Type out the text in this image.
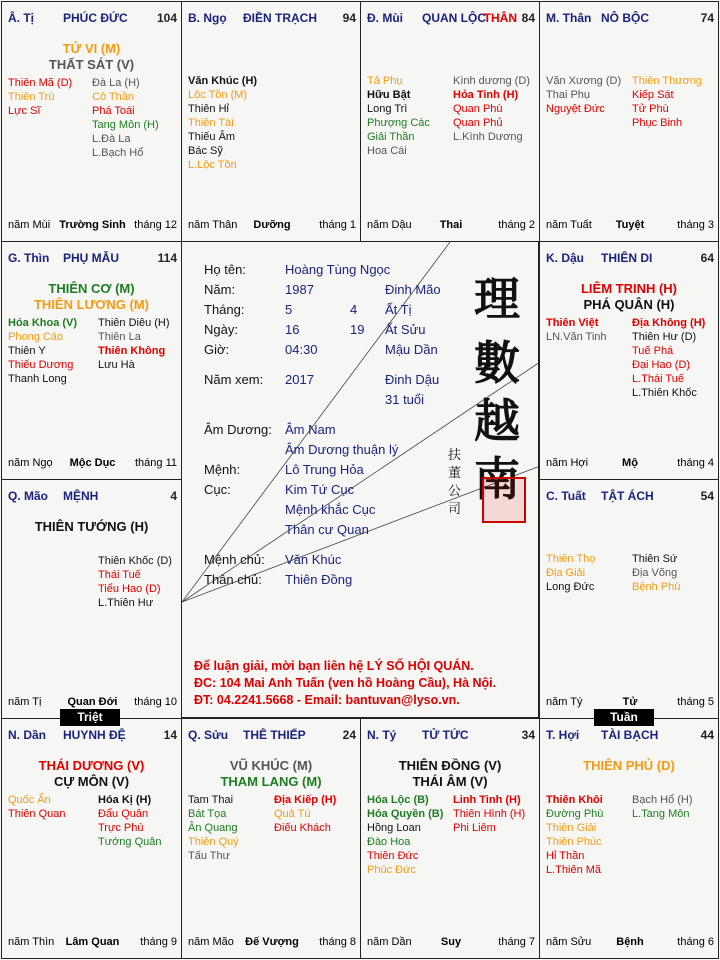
Họ tên:	Hoàng Tùng Ngọc
Năm:	1987	Đinh Mão
Tháng:	5	4 Ất Tị
Ngày:	16	19 Ất Sửu
Giờ:	04:30	Mậu Dần
Năm xem: 2017	Đinh Dậu
31 tuổi
Âm Dương: Âm Nam
Âm Dương thuận lý
Mệnh:	Lô Trung Hỏa
Cục:	Kim Tứ Cục
Mệnh khắc Cục
Thân cư Quan
Mệnh chủ: Văn Khúc
Thân chủ: Thiên Đồng
理
數
越
南
扶
董
公
司
Để luận giải, mời bạn liên hệ LÝ SỐ HỘI QUÁN.
ĐC: 104 Mai Anh Tuấn (ven hồ Hoàng Cầu), Hà Nội.
ĐT: 04.2241.5668 - Email: bantuvan@lyso.vn.
Â. Tị PHÚC ĐỨC 104
TỬ VI (M)
THẤT SÁT (V)
Thiên Mã (D)
Thiên Trù
Lực Sĩ
Đà La (H)
Cô Thần
Phá Toái
Tang Môn (H)
L.Đà La
L.Bạch Hổ
năm Mùi Trường Sinh tháng 12
B. Ngọ ĐIỀN TRẠCH 94
Văn Khúc (H)
Lộc Tồn (M)
Thiên Hỉ
Thiên Tài
Thiếu Âm
Bác Sỹ
L.Lộc Tồn
năm Thân	Dưỡng	tháng 1
Đ. Mùi QUAN LỘC	84
THÂN
Tả Phụ
Hữu Bật
Long Trì
Phượng Các
Giải Thần
Hoa Cái
Kình dương (D)
Hỏa Tinh (H)
Quan Phù
Quan Phủ
L.Kình Dương
năm Dậu	Thai	tháng 2
M. Thân NÔ BỘC	74
Văn Xương (D)
Thai Phụ
Nguyệt Đức
Thiên Thương
Kiếp Sát
Tử Phù
Phục Binh
năm Tuất	Tuyệt	tháng 3
G. Thìn PHỤ MẪU	114
THIÊN CƠ (M)
THIÊN LƯƠNG (M)
Hóa Khoa (V)
Phong Cáo
Thiên Y
Thiếu Dương
Thanh Long
Thiên Diêu (H)
Thiên La
Thiên Không
Lưu Hà
năm Ngọ	Mộc Dục	tháng 11
K. Dậu THIÊN DI	64
LIÊM TRINH (H)
PHÁ QUÂN (H)
Thiên Việt
LN.Văn Tinh
Địa Không (H)
Thiên Hư (D)
Tuế Phá
Đại Hao (D)
L.Thái Tuế
L.Thiên Khốc
năm Hợi	Mộ	tháng 4
Q. Mão MỆNH	4
THIÊN TƯỚNG (H)
Thiên Khốc (D)
Thái Tuế
Tiểu Hao (D)
L.Thiên Hư
năm Tị	Quan Đới	tháng 10
C. Tuất TẬT ÁCH	54
Thiên Thọ
Địa Giải
Long Đức
Thiên Sứ
Địa Võng
Bệnh Phù
năm Tý	Tử	tháng 5
N. Dần HUYNH ĐỆ	14
THÁI DƯƠNG (V)
CỰ MÔN (V)
Quốc Ấn
Thiên Quan
Hóa Kị (H)
Đẩu Quân
Trực Phù
Tướng Quân
năm Thìn	Lâm Quan	tháng 9
Q. Sửu THÊ THIẾP	24
VŨ KHÚC (M)
THAM LANG (M)
Tam Thai
Bát Tọa
Ân Quang
Thiên Quý
Tấu Thư
Địa Kiếp (H)
Quả Tú
Điếu Khách
năm Mão	Đế Vượng	tháng 8
N. Tý TỬ TỨC	34
THIÊN ĐỒNG (V)
THÁI ÂM (V)
Hóa Lộc (B)
Hóa Quyền (B)
Hồng Loan
Đào Hoa
Thiên Đức
Phúc Đức
Linh Tinh (H)
Thiên Hình (H)
Phi Liêm
năm Dần	Suy	tháng 7
T. Hợi TÀI BẠCH	44
THIÊN PHỦ (D)
Thiên Khôi
Đường Phù
Thiên Giải
Thiên Phúc
Hỉ Thần
L.Thiên Mã
Bạch Hổ (H)
L.Tang Môn
năm Sửu	Bệnh	tháng 6
Triệt	Tuần
